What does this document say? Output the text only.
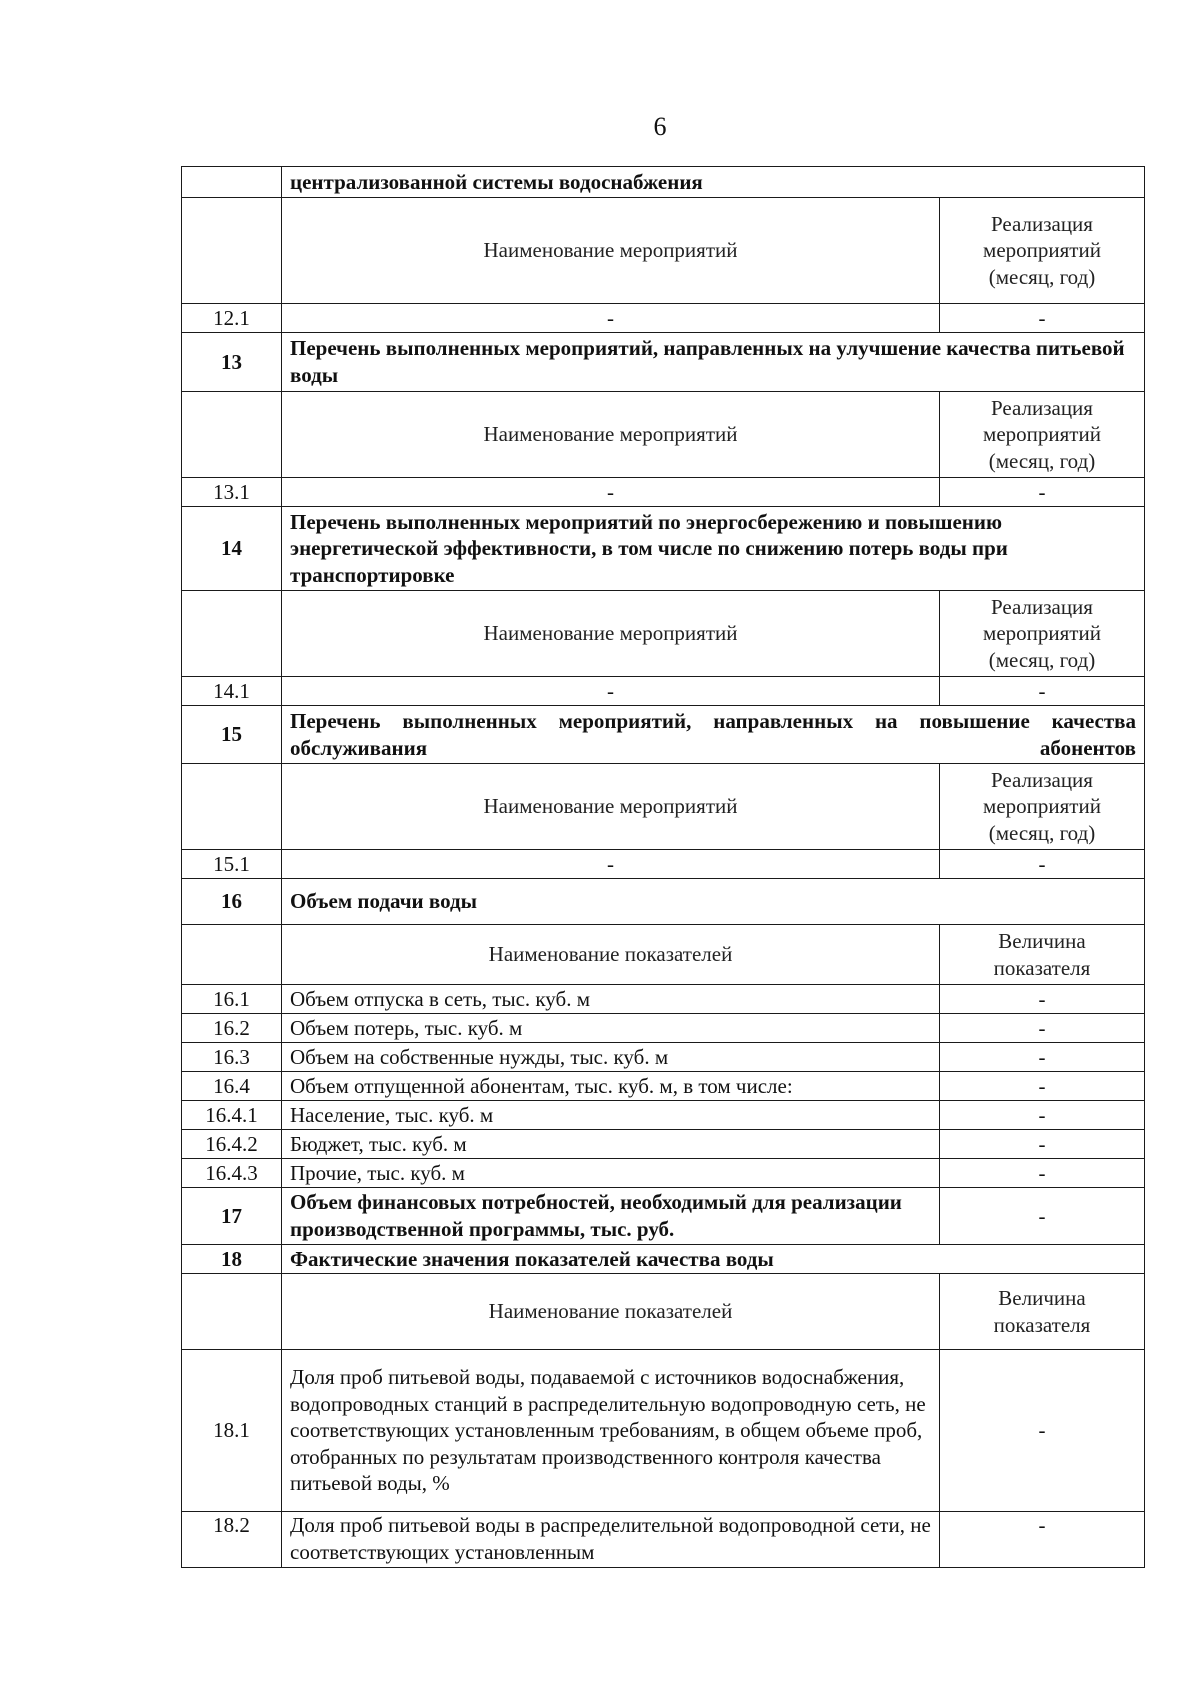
6
	централизованной системы водоснабжения	
	Наименование мероприятий	Реализация мероприятий (месяц, год)
12.1	-	-
13	Перечень выполненных мероприятий, направленных на улучшение качества питьевой воды	
	Наименование мероприятий	Реализация мероприятий (месяц, год)
13.1	-	-
14	Перечень выполненных мероприятий по энергосбережению и повышению энергетической эффективности, в том числе по снижению потерь воды при транспортировке	
	Наименование мероприятий	Реализация мероприятий (месяц, год)
14.1	-	-
15	Перечень выполненных мероприятий, направленных на повышение качества обслуживания абонентов	
	Наименование мероприятий	Реализация мероприятий (месяц, год)
15.1	-	-
16	Объем подачи воды	
	Наименование показателей	Величина показателя
16.1	Объем отпуска в сеть, тыс. куб. м	-
16.2	Объем потерь, тыс. куб. м	-
16.3	Объем на собственные нужды, тыс. куб. м	-
16.4	Объем отпущенной абонентам, тыс. куб. м, в том числе:	-
16.4.1	Население, тыс. куб. м	-
16.4.2	Бюджет, тыс. куб. м	-
16.4.3	Прочие, тыс. куб. м	-
17	Объем финансовых потребностей, необходимый для реализации производственной программы, тыс. руб.	-
18	Фактические значения показателей качества воды	
	Наименование показателей	Величина показателя
18.1	Доля проб питьевой воды, подаваемой с источников водоснабжения, водопроводных станций в распределительную водопроводную сеть, не соответствующих установленным требованиям, в общем объеме проб, отобранных по результатам производственного контроля качества питьевой воды, %	-
18.2	Доля проб питьевой воды в распределительной водопроводной сети, не соответствующих установленным	-
